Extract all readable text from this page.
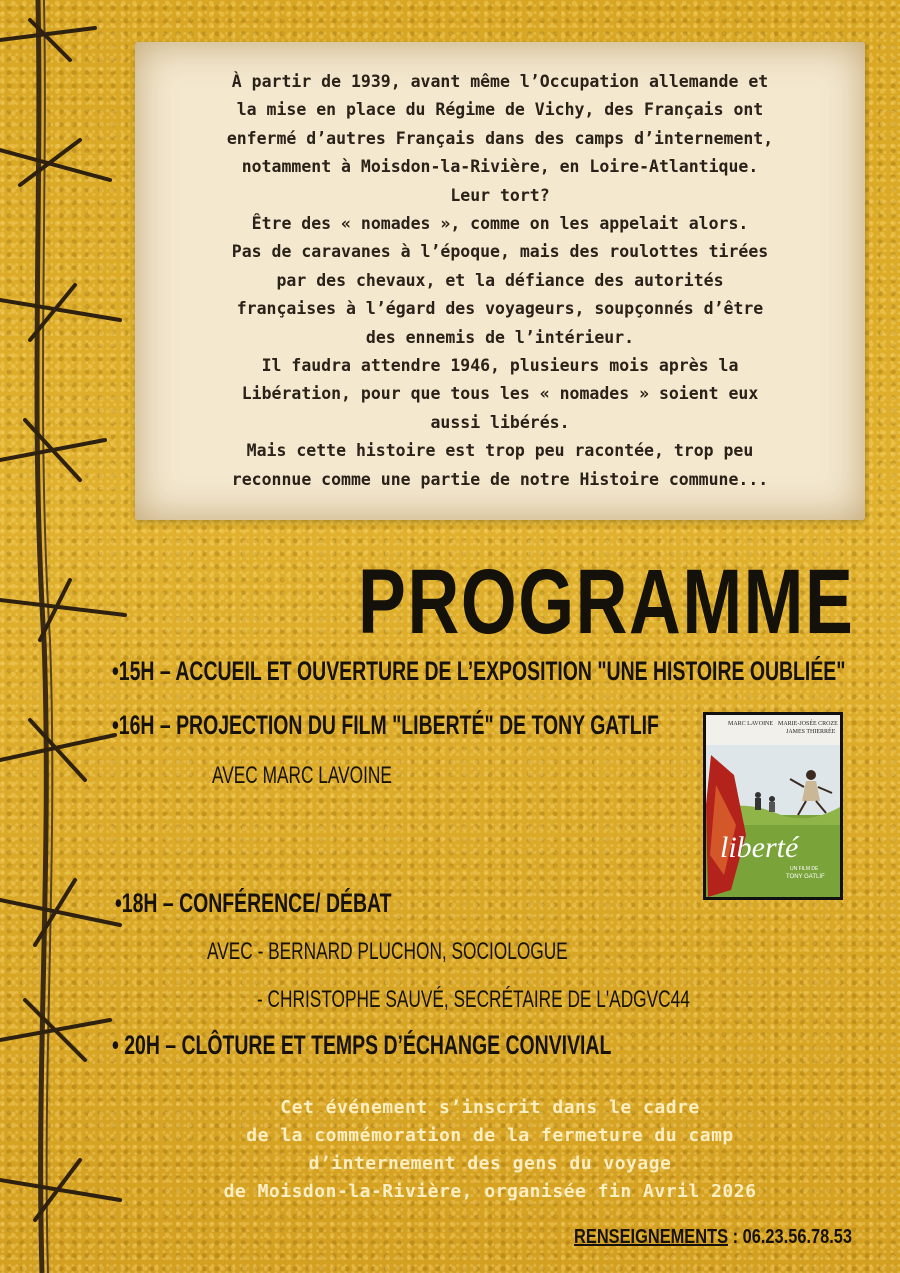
À partir de 1939, avant même l’Occupation allemande et
la mise en place du Régime de Vichy, des Français ont
enfermé d’autres Français dans des camps d’internement,
notamment à Moisdon-la-Rivière, en Loire-Atlantique.
Leur tort?
Être des « nomades », comme on les appelait alors.
Pas de caravanes à l’époque, mais des roulottes tirées
par des chevaux, et la défiance des autorités
françaises à l’égard des voyageurs, soupçonnés d’être
des ennemis de l’intérieur.
Il faudra attendre 1946, plusieurs mois après la
Libération, pour que tous les « nomades » soient eux
aussi libérés.
Mais cette histoire est trop peu racontée, trop peu
reconnue comme une partie de notre Histoire commune...

PROGRAMME
•15H – ACCUEIL ET OUVERTURE DE L’EXPOSITION "UNE HISTOIRE OUBLIÉE"
•16H – PROJECTION DU FILM "LIBERTÉ" DE TONY GATLIF
AVEC MARC LAVOINE
MARC LAVOINE MARIE-JOSÉE CROZE
JAMES THIERRÉE
liberté
UN FILM DE
TONY GATLIF
•18H – CONFÉRENCE/ DÉBAT
AVEC - BERNARD PLUCHON, SOCIOLOGUE
- CHRISTOPHE SAUVÉ, SECRÉTAIRE DE L'ADGVC44
• 20H – CLÔTURE ET TEMPS D’ÉCHANGE CONVIVIAL

Cet événement s’inscrit dans le cadre
de la commémoration de la fermeture du camp
d’internement des gens du voyage
de Moisdon-la-Rivière, organisée fin Avril 2026

RENSEIGNEMENTS : 06.23.56.78.53
